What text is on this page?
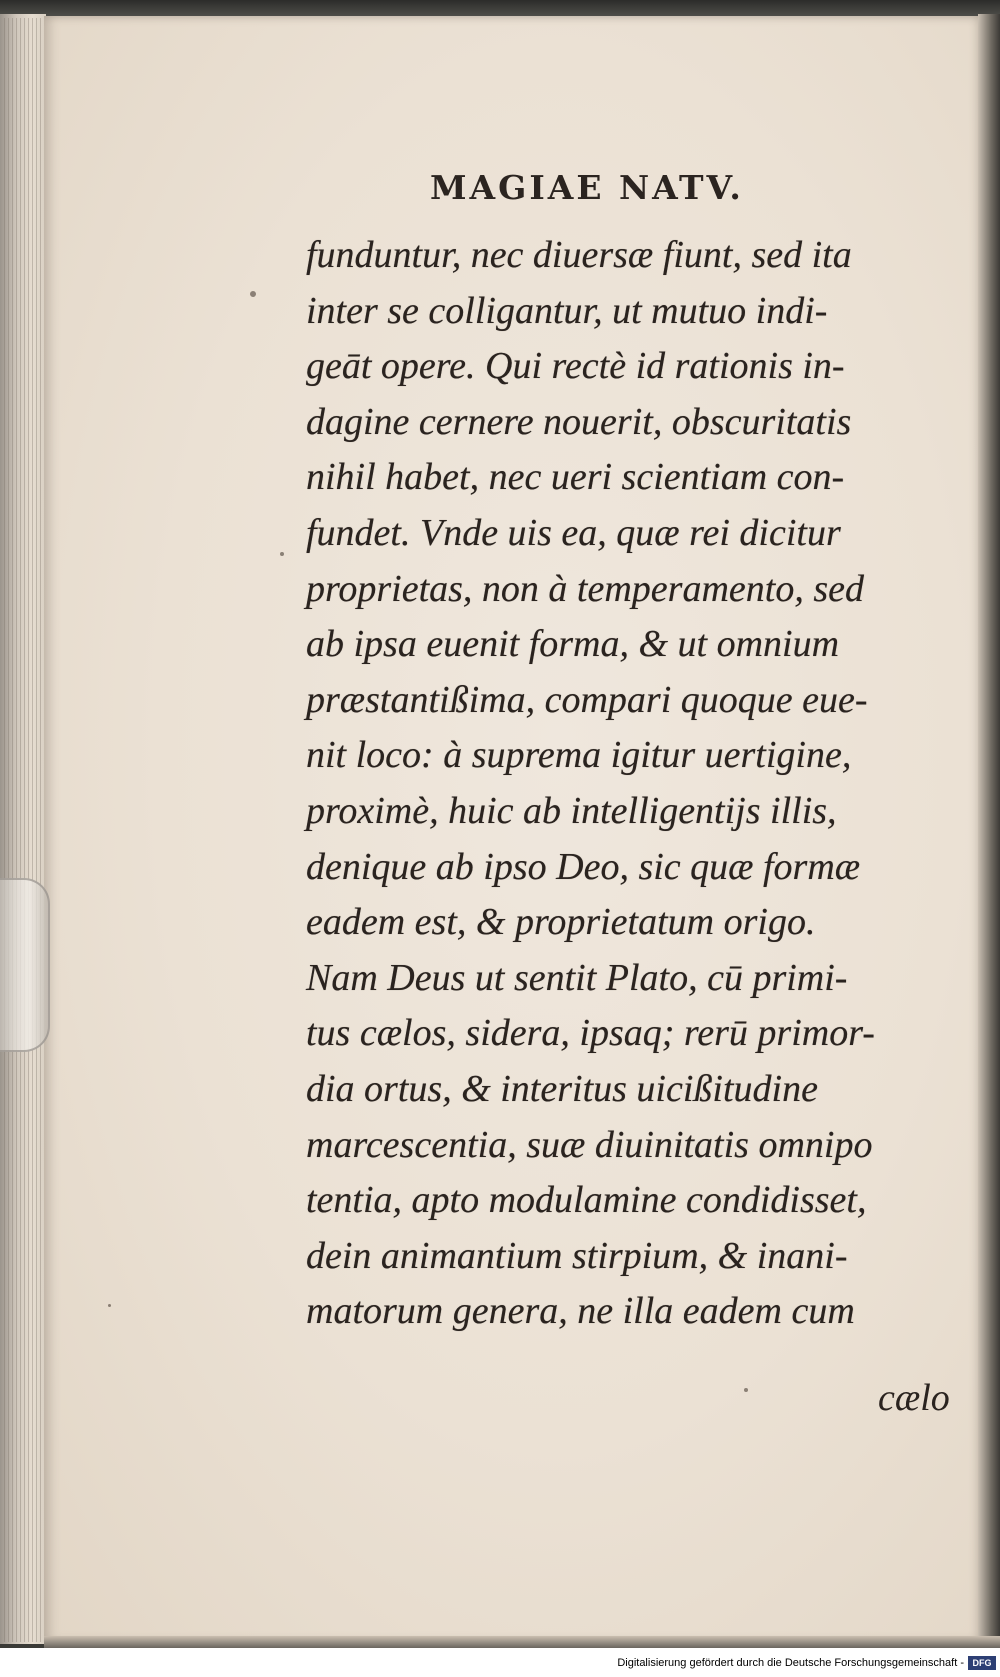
MAGIAE NATV.
funduntur, nec diuersæ fiunt, sed ita
inter se colligantur, ut mutuo indi-
geāt opere. Qui rectè id rationis in-
dagine cernere nouerit, obscuritatis
nihil habet, nec ueri scientiam con-
fundet. Vnde uis ea, quæ rei dicitur
proprietas, non à temperamento, sed
ab ipsa euenit forma, & ut omnium
præstantißima, compari quoque eue-
nit loco: à suprema igitur uertigine,
proximè, huic ab intelligentijs illis,
denique ab ipso Deo, sic quæ formæ
eadem est, & proprietatum origo.
Nam Deus ut sentit Plato, cū primi-
tus cælos, sidera, ipsaq; rerū primor-
dia ortus, & interitus uicißitudine
marcescentia, suæ diuinitatis omnipo
tentia, apto modulamine condidisset,
dein animantium stirpium, & inani-
matorum genera, ne illa eadem cum
cælo
Digitalisierung gefördert durch die Deutsche Forschungsgemeinschaft - DFG
